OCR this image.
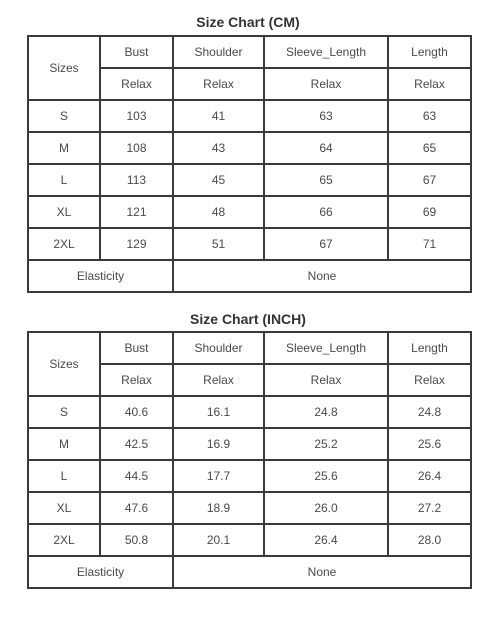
Size Chart (CM)
Sizes	Bust	Shoulder	Sleeve_Length	Length
	Relax	Relax	Relax	Relax
S	103	41	63	63
M	108	43	64	65
L	113	45	65	67
XL	121	48	66	69
2XL	129	51	67	71
Elasticity		None		
Size Chart (INCH)
Sizes	Bust	Shoulder	Sleeve_Length	Length
	Relax	Relax	Relax	Relax
S	40.6	16.1	24.8	24.8
M	42.5	16.9	25.2	25.6
L	44.5	17.7	25.6	26.4
XL	47.6	18.9	26.0	27.2
2XL	50.8	20.1	26.4	28.0
Elasticity		None		
